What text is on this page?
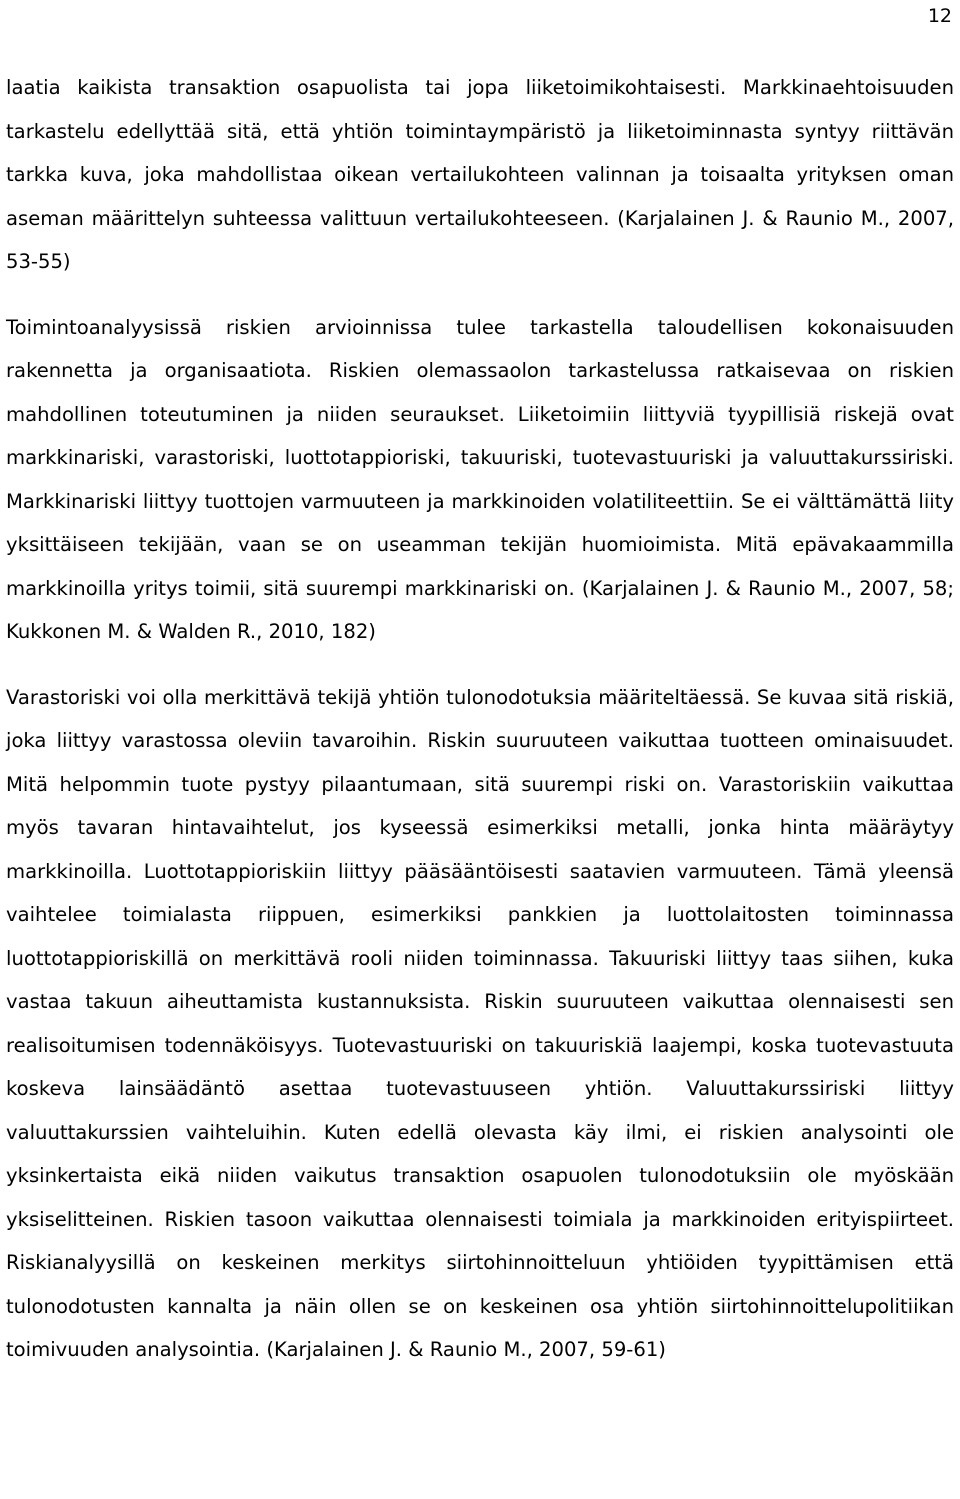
12

laatia kaikista transaktion osapuolista tai jopa liiketoimikohtaisesti. Markkinaehtoisuuden tarkastelu edellyttää sitä, että yhtiön toimintaympäristö ja liiketoiminnasta syntyy riittävän tarkka kuva, joka mahdollistaa oikean vertailukohteen valinnan ja toisaalta yrityksen oman aseman määrittelyn suhteessa valittuun vertailukohteeseen. (Karjalainen J. & Raunio M., 2007, 53-55)

Toimintoanalyysissä riskien arvioinnissa tulee tarkastella taloudellisen kokonaisuuden rakennetta ja organisaatiota. Riskien olemassaolon tarkastelussa ratkaisevaa on riskien mahdollinen toteutuminen ja niiden seuraukset. Liiketoimiin liittyviä tyypillisiä riskejä ovat markkinariski, varastoriski, luottotappioriski, takuuriski, tuotevastuuriski ja valuuttakurssiriski. Markkinariski liittyy tuottojen varmuuteen ja markkinoiden volatiliteettiin. Se ei välttämättä liity yksittäiseen tekijään, vaan se on useamman tekijän huomioimista. Mitä epävakaammilla markkinoilla yritys toimii, sitä suurempi markkinariski on. (Karjalainen J. & Raunio M., 2007, 58; Kukkonen M. & Walden R., 2010, 182)

Varastoriski voi olla merkittävä tekijä yhtiön tulonodotuksia määriteltäessä. Se kuvaa sitä riskiä, joka liittyy varastossa oleviin tavaroihin. Riskin suuruuteen vaikuttaa tuotteen ominaisuudet. Mitä helpommin tuote pystyy pilaantumaan, sitä suurempi riski on. Varastoriskiin vaikuttaa myös tavaran hintavaihtelut, jos kyseessä esimerkiksi metalli, jonka hinta määräytyy markkinoilla. Luottotappioriskiin liittyy pääsääntöisesti saatavien varmuuteen. Tämä yleensä vaihtelee toimialasta riippuen, esimerkiksi pankkien ja luottolaitosten toiminnassa luottotappioriskillä on merkittävä rooli niiden toiminnassa. Takuuriski liittyy taas siihen, kuka vastaa takuun aiheuttamista kustannuksista. Riskin suuruuteen vaikuttaa olennaisesti sen realisoitumisen todennäköisyys. Tuotevastuuriski on takuuriskiä laajempi, koska tuotevastuuta koskeva lainsäädäntö asettaa tuotevastuuseen yhtiön. Valuuttakurssiriski liittyy valuuttakurssien vaihteluihin. Kuten edellä olevasta käy ilmi, ei riskien analysointi ole yksinkertaista eikä niiden vaikutus transaktion osapuolen tulonodotuksiin ole myöskään yksiselitteinen. Riskien tasoon vaikuttaa olennaisesti toimiala ja markkinoiden erityispiirteet. Riskianalyysillä on keskeinen merkitys siirtohinnoitteluun yhtiöiden tyypittämisen että tulonodotusten kannalta ja näin ollen se on keskeinen osa yhtiön siirtohinnoittelupolitiikan toimivuuden analysointia. (Karjalainen J. & Raunio M., 2007, 59-61)
